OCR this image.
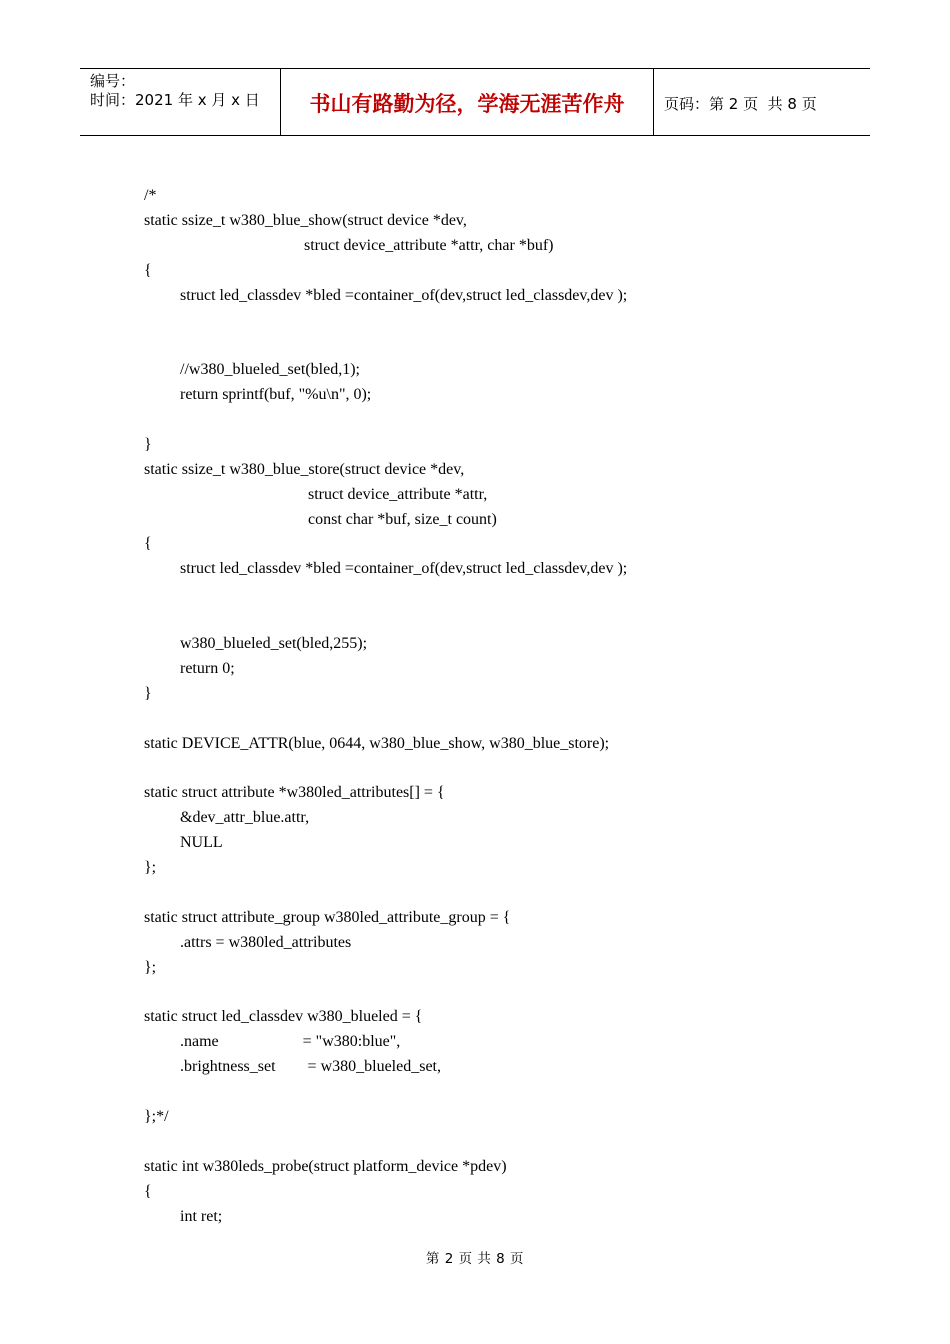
编号：
时间：2021 年 x 月 x 日	书山有路勤为径，学海无涯苦作舟	页码：第 2 页  共 8 页
/*
static ssize_t w380_blue_show(struct device *dev,
struct device_attribute *attr, char *buf)
{
struct led_classdev *bled =container_of(dev,struct led_classdev,dev );
//w380_blueled_set(bled,1);
return sprintf(buf, "%u\n", 0);
}
static ssize_t w380_blue_store(struct device *dev,
struct device_attribute *attr,
const char *buf, size_t count)
{
struct led_classdev *bled =container_of(dev,struct led_classdev,dev );
w380_blueled_set(bled,255);
return 0;
}
static DEVICE_ATTR(blue, 0644, w380_blue_show, w380_blue_store);
static struct attribute *w380led_attributes[] = {
&dev_attr_blue.attr,
NULL
};
static struct attribute_group w380led_attribute_group = {
.attrs = w380led_attributes
};
static struct led_classdev w380_blueled = {
.name                     = "w380:blue",
.brightness_set        = w380_blueled_set,
};*/
static int w380leds_probe(struct platform_device *pdev)
{
int ret;
第 2 页 共 8 页
